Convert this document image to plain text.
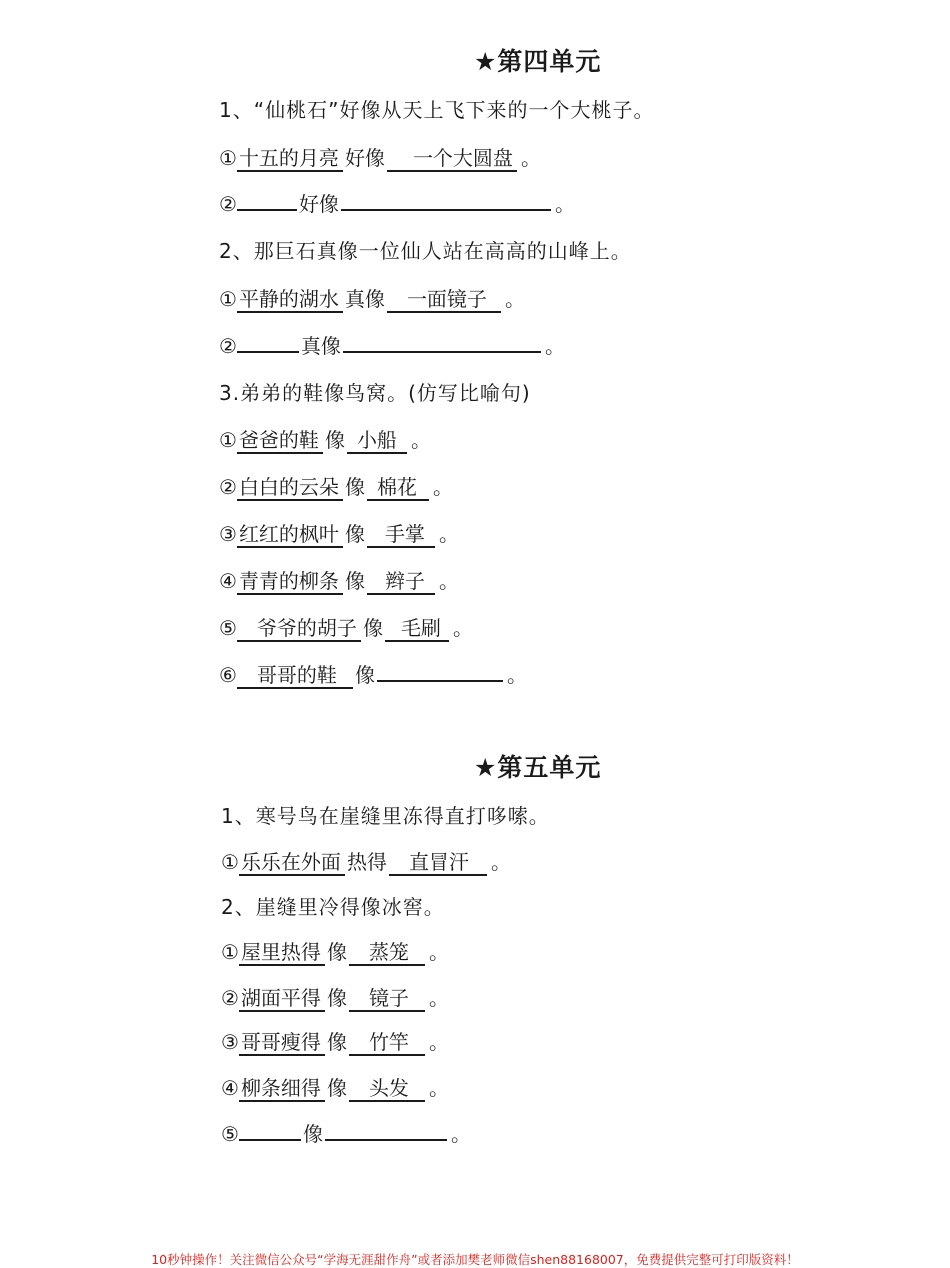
★第四单元
1、“仙桃石”好像从天上飞下来的一个大桃子。
① 十五的月亮 好像	一个大圆盘 。
②	好像	。
2、那巨石真像一位仙人站在高高的山峰上。
① 平静的湖水 真像	一面镜子 。
②	真像	。
3.弟弟的鞋像鸟窝。(仿写比喻句)
① 爸爸的鞋 像 小船 。
② 白白的云朵 像 棉花 。
③ 红红的枫叶 像	手掌 。
④ 青青的柳条 像	辫子 。
⑤	爷爷的胡子 像 毛刷 。
⑥	哥哥的鞋 像	。
★第五单元
1、寒号鸟在崖缝里冻得直打哆嗦。
① 乐乐在外面 热得	直冒汗	。
2、崖缝里冷得像冰窖。
① 屋里热得 像	蒸笼	。
② 湖面平得 像	镜子	。
③ 哥哥瘦得 像	竹竿	。
④ 柳条细得 像	头发	。
⑤	像	。
10秒钟操作！关注微信公众号“学海无涯甜作舟”或者添加樊老师微信shen88168007，免费提供完整可打印版资料！
